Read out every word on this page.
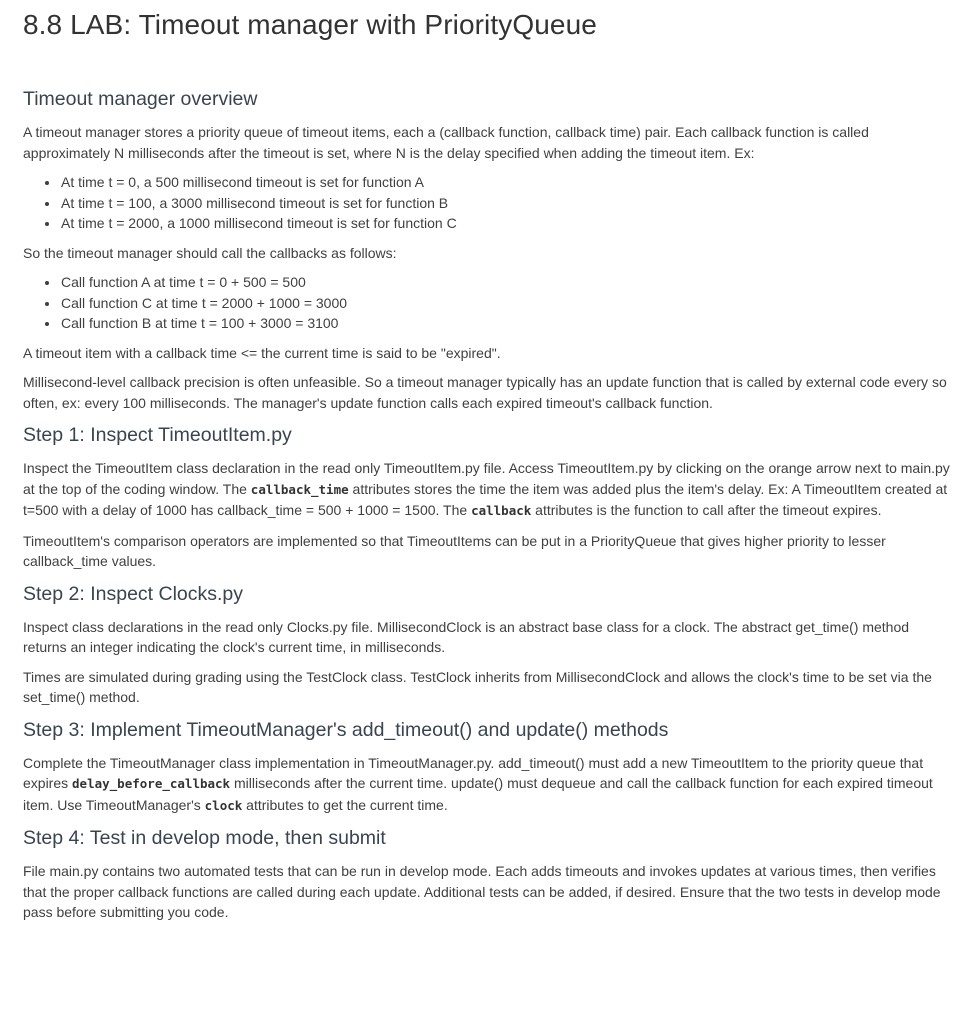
8.8 LAB: Timeout manager with PriorityQueue
Timeout manager overview

A timeout manager stores a priority queue of timeout items, each a (callback function, callback time) pair. Each callback function is called approximately N milliseconds after the timeout is set, where N is the delay specified when adding the timeout item. Ex:

• At time t = 0, a 500 millisecond timeout is set for function A
• At time t = 100, a 3000 millisecond timeout is set for function B
• At time t = 2000, a 1000 millisecond timeout is set for function C

So the timeout manager should call the callbacks as follows:

• Call function A at time t = 0 + 500 = 500
• Call function C at time t = 2000 + 1000 = 3000
• Call function B at time t = 100 + 3000 = 3100

A timeout item with a callback time <= the current time is said to be "expired".

Millisecond-level callback precision is often unfeasible. So a timeout manager typically has an update function that is called by external code every so often, ex: every 100 milliseconds. The manager's update function calls each expired timeout's callback function.

Step 1: Inspect TimeoutItem.py

Inspect the TimeoutItem class declaration in the read only TimeoutItem.py file. Access TimeoutItem.py by clicking on the orange arrow next to main.py at the top of the coding window. The callback_time attributes stores the time the item was added plus the item's delay. Ex: A TimeoutItem created at t=500 with a delay of 1000 has callback_time = 500 + 1000 = 1500. The callback attributes is the function to call after the timeout expires.

TimeoutItem's comparison operators are implemented so that TimeoutItems can be put in a PriorityQueue that gives higher priority to lesser callback_time values.

Step 2: Inspect Clocks.py

Inspect class declarations in the read only Clocks.py file. MillisecondClock is an abstract base class for a clock. The abstract get_time() method returns an integer indicating the clock's current time, in milliseconds.

Times are simulated during grading using the TestClock class. TestClock inherits from MillisecondClock and allows the clock's time to be set via the set_time() method.

Step 3: Implement TimeoutManager's add_timeout() and update() methods

Complete the TimeoutManager class implementation in TimeoutManager.py. add_timeout() must add a new TimeoutItem to the priority queue that expires delay_before_callback milliseconds after the current time. update() must dequeue and call the callback function for each expired timeout item. Use TimeoutManager's clock attributes to get the current time.

Step 4: Test in develop mode, then submit

File main.py contains two automated tests that can be run in develop mode. Each adds timeouts and invokes updates at various times, then verifies that the proper callback functions are called during each update. Additional tests can be added, if desired. Ensure that the two tests in develop mode pass before submitting you code.
